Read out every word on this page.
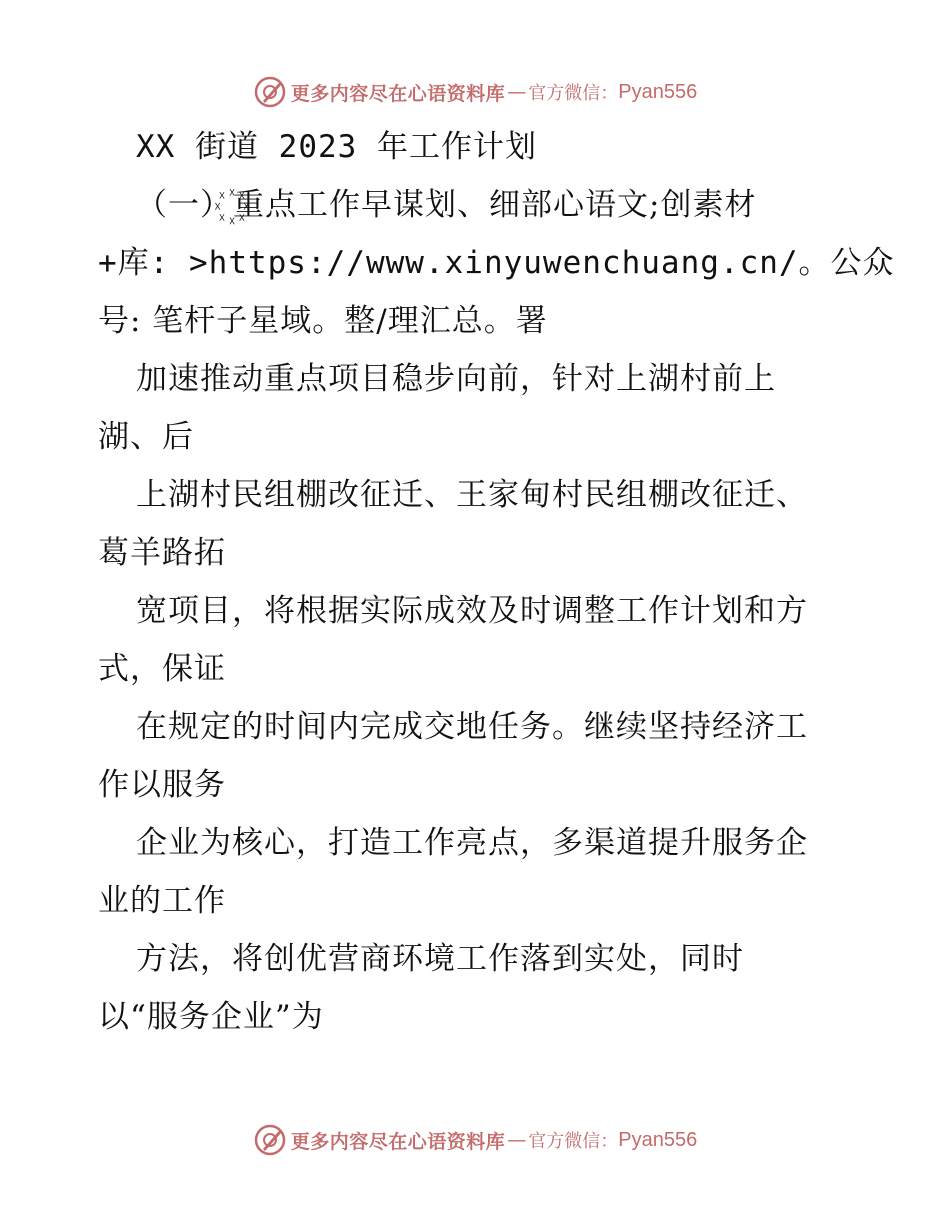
更多内容尽在心语资料库 — 官方微信： Pyan556
XX 街道 2023 年工作计划
（一）꙰重点工作早谋划、细部心语文;创素材
+库: >https://www.xinyuwenchuang.cn/。公众
号: 笔杆子星域。整/理汇总。署
加速推动重点项目稳步向前，针对上湖村前上
湖、后
上湖村民组棚改征迁、王家甸村民组棚改征迁、
葛羊路拓
宽项目，将根据实际成效及时调整工作计划和方
式，保证
在规定的时间内完成交地任务。继续坚持经济工
作以服务
企业为核心，打造工作亮点，多渠道提升服务企
业的工作
方法，将创优营商环境工作落到实处，同时
以“服务企业”为
更多内容尽在心语资料库 — 官方微信： Pyan556
